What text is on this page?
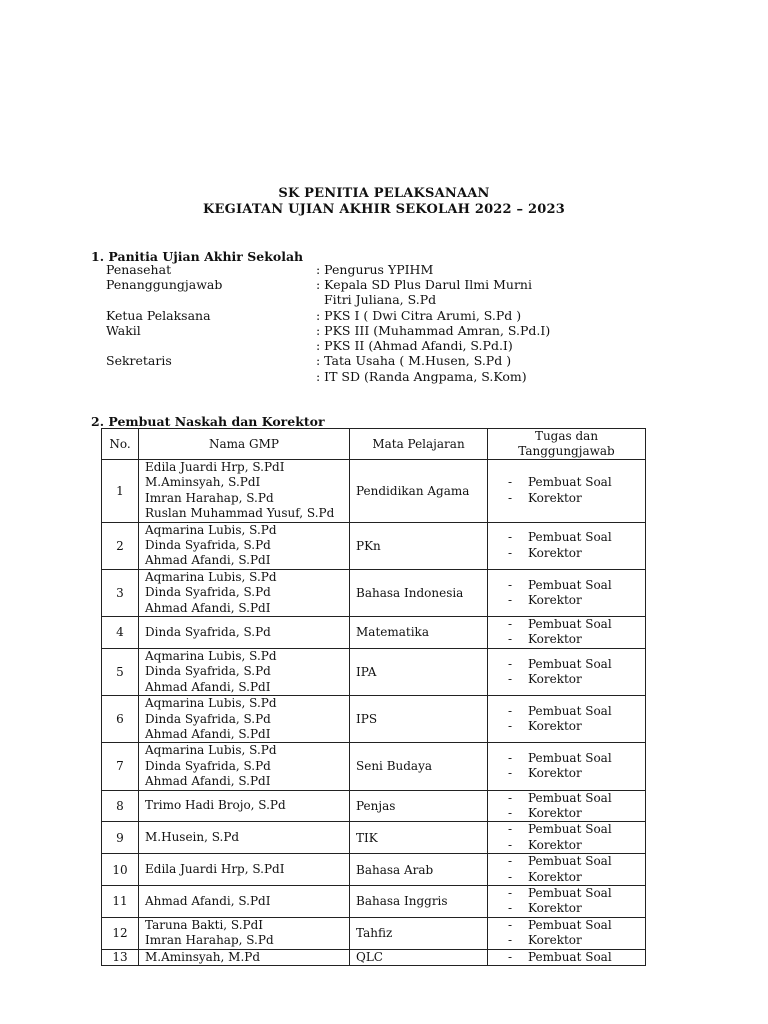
SK PENITIA PELAKSANAAN
KEGIATAN UJIAN AKHIR SEKOLAH 2022 – 2023
1. Panitia Ujian Akhir Sekolah
Penasehat	: Pengurus YPIHM
Penanggungjawab	: Kepala SD Plus Darul Ilmi Murni
Fitri Juliana, S.Pd
Ketua Pelaksana	: PKS I ( Dwi Citra Arumi, S.Pd )
Wakil	: PKS III (Muhammad Amran, S.Pd.I)
: PKS II (Ahmad Afandi, S.Pd.I)
Sekretaris	: Tata Usaha ( M.Husen, S.Pd )
: IT SD (Randa Angpama, S.Kom)
2. Pembuat Naskah dan Korektor
No.	Nama GMP	Mata Pelajaran	Tugas dan
Tanggungjawab

1	Edila Juardi Hrp, S.PdI
M.Aminsyah, S.PdI
Imran Harahap, S.Pd
Ruslan Muhammad Yusuf, S.Pd	Pendidikan Agama	- Pembuat Soal
- Korektor

2	Aqmarina Lubis, S.Pd
Dinda Syafrida, S.Pd
Ahmad Afandi, S.PdI	PKn	- Pembuat Soal
- Korektor

3	Aqmarina Lubis, S.Pd
Dinda Syafrida, S.Pd
Ahmad Afandi, S.PdI	Bahasa Indonesia	- Pembuat Soal
- Korektor

4	Dinda Syafrida, S.Pd	Matematika	- Pembuat Soal
- Korektor

5	Aqmarina Lubis, S.Pd
Dinda Syafrida, S.Pd
Ahmad Afandi, S.PdI	IPA	- Pembuat Soal
- Korektor

6	Aqmarina Lubis, S.Pd
Dinda Syafrida, S.Pd
Ahmad Afandi, S.PdI	IPS	- Pembuat Soal
- Korektor

7	Aqmarina Lubis, S.Pd
Dinda Syafrida, S.Pd
Ahmad Afandi, S.PdI	Seni Budaya	- Pembuat Soal
- Korektor

8	Trimo Hadi Brojo, S.Pd	Penjas	- Pembuat Soal
- Korektor

9	M.Husein, S.Pd	TIK	- Pembuat Soal
- Korektor

10	Edila Juardi Hrp, S.PdI	Bahasa Arab	- Pembuat Soal
- Korektor

11	Ahmad Afandi, S.PdI	Bahasa Inggris	- Pembuat Soal
- Korektor

12	Taruna Bakti, S.PdI
Imran Harahap, S.Pd	Tahfiz	- Pembuat Soal
- Korektor

13	M.Aminsyah, M.Pd	QLC	- Pembuat Soal
